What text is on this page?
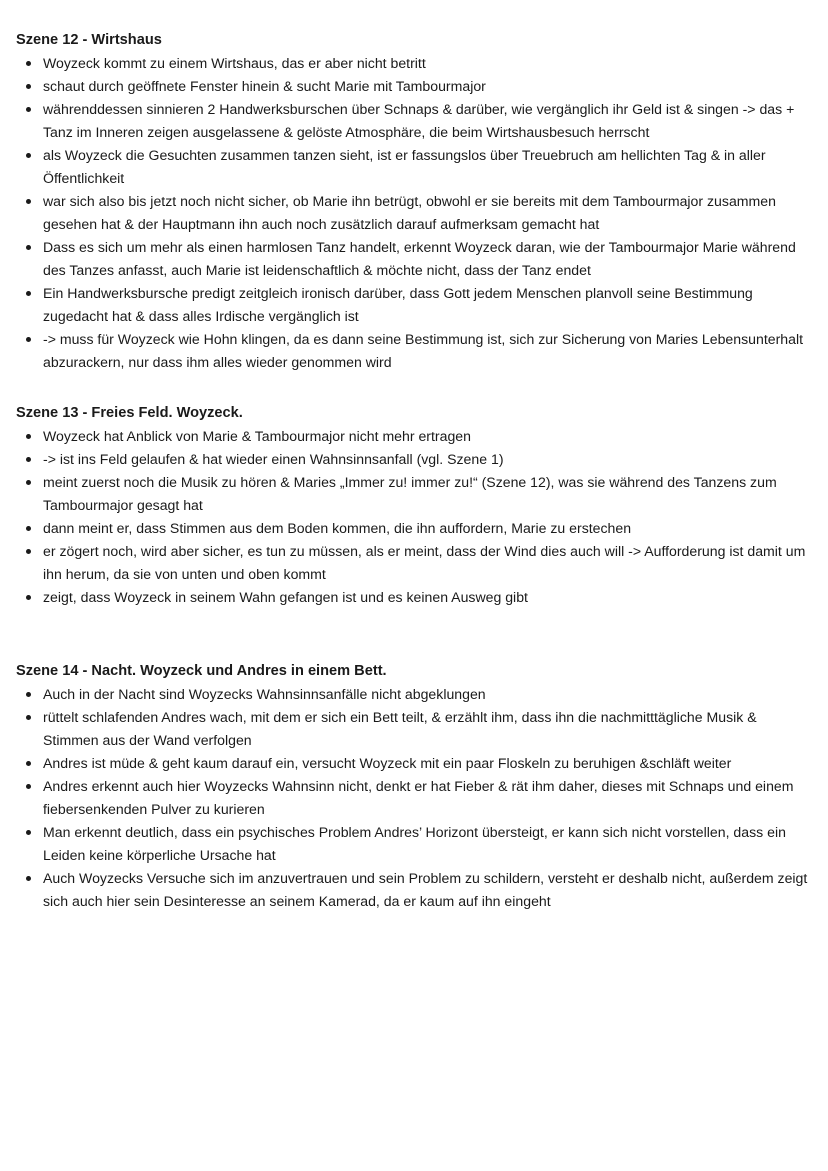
Szene 12 - Wirtshaus
Woyzeck kommt zu einem Wirtshaus, das er aber nicht betritt
schaut durch geöffnete Fenster hinein & sucht Marie mit Tambourmajor
währenddessen sinnieren 2 Handwerksburschen über Schnaps & darüber, wie vergänglich ihr Geld ist & singen -> das + Tanz im Inneren zeigen ausgelassene & gelöste Atmosphäre, die beim Wirtshausbesuch herrscht
als Woyzeck die Gesuchten zusammen tanzen sieht, ist er fassungslos über Treuebruch am hellichten Tag & in aller Öffentlichkeit
war sich also bis jetzt noch nicht sicher, ob Marie ihn betrügt, obwohl er sie bereits mit dem Tambourmajor zusammen gesehen hat & der Hauptmann ihn auch noch zusätzlich darauf aufmerksam gemacht hat
Dass es sich um mehr als einen harmlosen Tanz handelt, erkennt Woyzeck daran, wie der Tambourmajor Marie während des Tanzes anfasst, auch Marie ist leidenschaftlich & möchte nicht, dass der Tanz endet
Ein Handwerksbursche predigt zeitgleich ironisch darüber, dass Gott jedem Menschen planvoll seine Bestimmung zugedacht hat & dass alles Irdische vergänglich ist
-> muss für Woyzeck wie Hohn klingen, da es dann seine Bestimmung ist, sich zur Sicherung von Maries Lebensunterhalt abzurackern, nur dass ihm alles wieder genommen wird
Szene 13 - Freies Feld. Woyzeck.
Woyzeck hat Anblick von Marie & Tambourmajor nicht mehr ertragen
-> ist ins Feld gelaufen & hat wieder einen Wahnsinnsanfall (vgl. Szene 1)
meint zuerst noch die Musik zu hören & Maries „Immer zu! immer zu!“ (Szene 12), was sie während des Tanzens zum Tambourmajor gesagt hat
dann meint er, dass Stimmen aus dem Boden kommen, die ihn auffordern, Marie zu erstechen
er zögert noch, wird aber sicher, es tun zu müssen, als er meint, dass der Wind dies auch will -> Aufforderung ist damit um ihn herum, da sie von unten und oben kommt
zeigt, dass Woyzeck in seinem Wahn gefangen ist und es keinen Ausweg gibt
Szene 14 - Nacht. Woyzeck und Andres in einem Bett.
Auch in der Nacht sind Woyzecks Wahnsinnsanfälle nicht abgeklungen
rüttelt schlafenden Andres wach, mit dem er sich ein Bett teilt, & erzählt ihm, dass ihn die nachmitttägliche Musik & Stimmen aus der Wand verfolgen
Andres ist müde & geht kaum darauf ein, versucht Woyzeck mit ein paar Floskeln zu beruhigen &schläft weiter
Andres erkennt auch hier Woyzecks Wahnsinn nicht, denkt er hat Fieber & rät ihm daher, dieses mit Schnaps und einem fiebersenkenden Pulver zu kurieren
Man erkennt deutlich, dass ein psychisches Problem Andres’ Horizont übersteigt, er kann sich nicht vorstellen, dass ein Leiden keine körperliche Ursache hat
Auch Woyzecks Versuche sich im anzuvertrauen und sein Problem zu schildern, versteht er deshalb nicht, außerdem zeigt sich auch hier sein Desinteresse an seinem Kamerad, da er kaum auf ihn eingeht
